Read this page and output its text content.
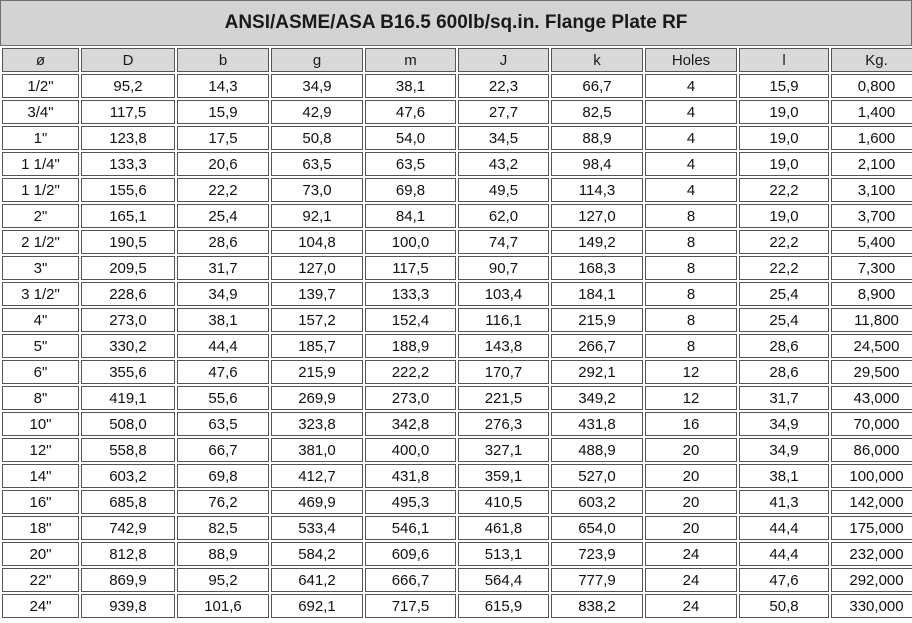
ANSI/ASME/ASA B16.5 600lb/sq.in. Flange Plate RF
ø	D	b	g	m	J	k	Holes	l	Kg.
1/2"	95,2	14,3	34,9	38,1	22,3	66,7	4	15,9	0,800
3/4"	117,5	15,9	42,9	47,6	27,7	82,5	4	19,0	1,400
1"	123,8	17,5	50,8	54,0	34,5	88,9	4	19,0	1,600
1 1/4"	133,3	20,6	63,5	63,5	43,2	98,4	4	19,0	2,100
1 1/2"	155,6	22,2	73,0	69,8	49,5	114,3	4	22,2	3,100
2"	165,1	25,4	92,1	84,1	62,0	127,0	8	19,0	3,700
2 1/2"	190,5	28,6	104,8	100,0	74,7	149,2	8	22,2	5,400
3"	209,5	31,7	127,0	117,5	90,7	168,3	8	22,2	7,300
3 1/2"	228,6	34,9	139,7	133,3	103,4	184,1	8	25,4	8,900
4"	273,0	38,1	157,2	152,4	116,1	215,9	8	25,4	11,800
5"	330,2	44,4	185,7	188,9	143,8	266,7	8	28,6	24,500
6"	355,6	47,6	215,9	222,2	170,7	292,1	12	28,6	29,500
8"	419,1	55,6	269,9	273,0	221,5	349,2	12	31,7	43,000
10"	508,0	63,5	323,8	342,8	276,3	431,8	16	34,9	70,000
12"	558,8	66,7	381,0	400,0	327,1	488,9	20	34,9	86,000
14"	603,2	69,8	412,7	431,8	359,1	527,0	20	38,1	100,000
16"	685,8	76,2	469,9	495,3	410,5	603,2	20	41,3	142,000
18"	742,9	82,5	533,4	546,1	461,8	654,0	20	44,4	175,000
20"	812,8	88,9	584,2	609,6	513,1	723,9	24	44,4	232,000
22"	869,9	95,2	641,2	666,7	564,4	777,9	24	47,6	292,000
24"	939,8	101,6	692,1	717,5	615,9	838,2	24	50,8	330,000
